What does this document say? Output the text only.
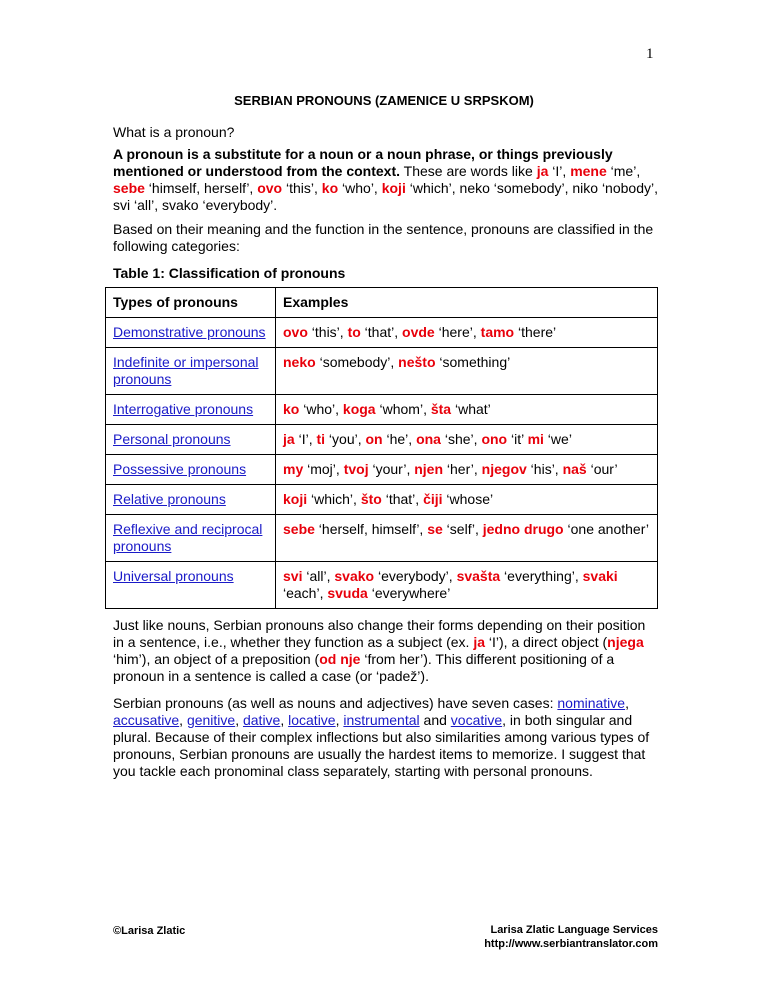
1
SERBIAN PRONOUNS (ZAMENICE U SRPSKOM)
What is a pronoun?
A pronoun is a substitute for a noun or a noun phrase, or things previously mentioned or understood from the context. These are words like ja ‘I’, mene ‘me’, sebe ‘himself, herself’, ovo ‘this’, ko ‘who’, koji ‘which’, neko ‘somebody’, niko ‘nobody’, svi ‘all’, svako ‘everybody’.
Based on their meaning and the function in the sentence, pronouns are classified in the following categories:
Table 1: Classification of pronouns
Types of pronouns	Examples
Demonstrative pronouns	ovo ‘this’, to ‘that’, ovde ‘here’, tamo ‘there’
Indefinite or impersonal pronouns	neko ‘somebody’, nešto ‘something’
Interrogative pronouns	ko ‘who’, koga ‘whom’, šta ‘what’
Personal pronouns	ja ‘I’, ti ‘you’, on ‘he’, ona ‘she’, ono ‘it’ mi ‘we’
Possessive pronouns	my ‘moj’, tvoj ‘your’, njen ‘her’, njegov ‘his’, naš ‘our’
Relative pronouns	koji ‘which’, što ‘that’, čiji ‘whose’
Reflexive and reciprocal pronouns	sebe ‘herself, himself’, se ‘self’, jedno drugo ‘one another’
Universal pronouns	svi ‘all’, svako ‘everybody’, svašta ‘everything’, svaki ‘each’, svuda ‘everywhere’
Just like nouns, Serbian pronouns also change their forms depending on their position in a sentence, i.e., whether they function as a subject (ex. ja ‘I’), a direct object (njega ‘him’), an object of a preposition (od nje ‘from her’). This different positioning of a pronoun in a sentence is called a case (or ‘padež’).
Serbian pronouns (as well as nouns and adjectives) have seven cases: nominative, accusative, genitive, dative, locative, instrumental and vocative, in both singular and plural. Because of their complex inflections but also similarities among various types of pronouns, Serbian pronouns are usually the hardest items to memorize. I suggest that you tackle each pronominal class separately, starting with personal pronouns.
©Larisa Zlatic	Larisa Zlatic Language Services
http://www.serbiantranslator.com
